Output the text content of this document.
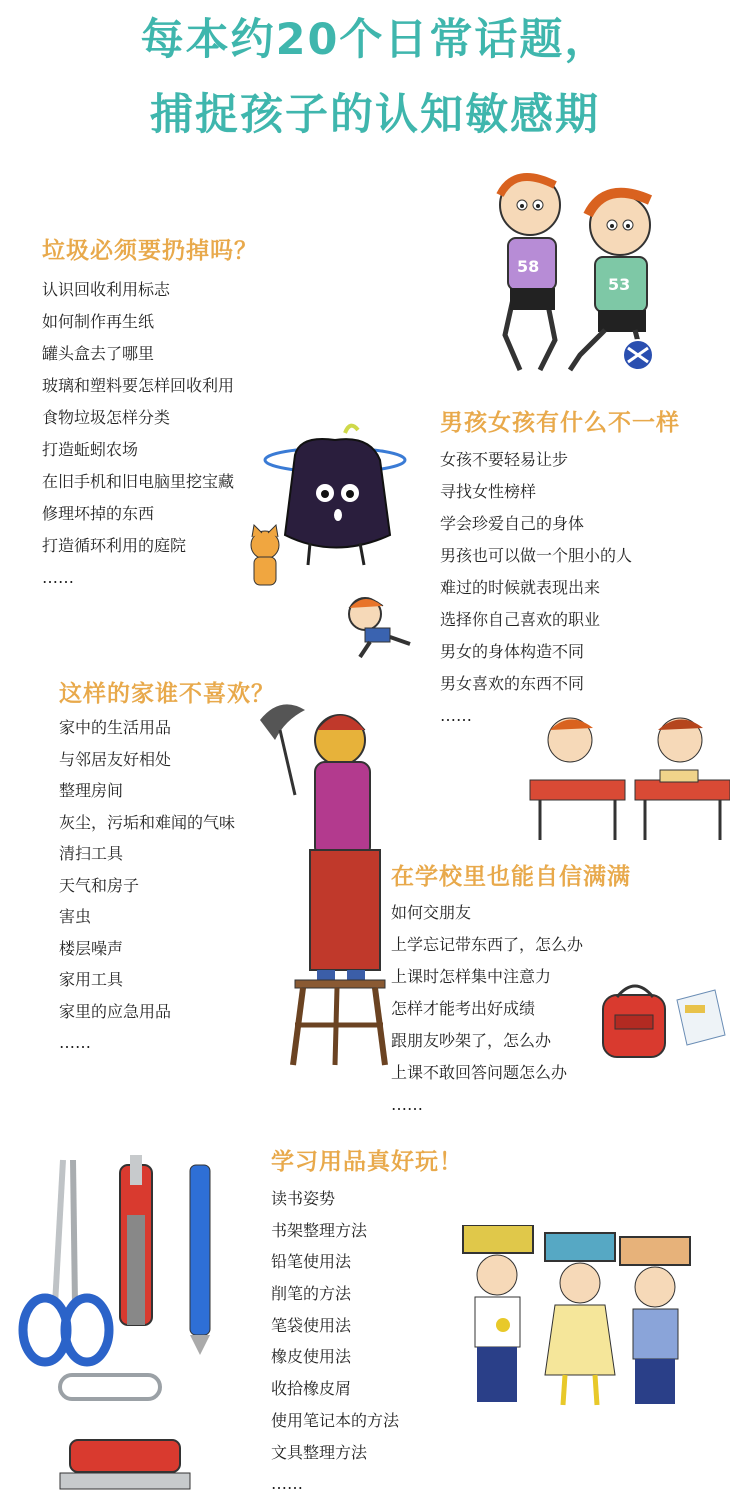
每本约20个日常话题，
捕捉孩子的认知敏感期
垃圾必须要扔掉吗？
认识回收利用标志
如何制作再生纸
罐头盒去了哪里
玻璃和塑料要怎样回收利用
食物垃圾怎样分类
打造蚯蚓农场
在旧手机和旧电脑里挖宝藏
修理坏掉的东西
打造循环利用的庭院
……
男孩女孩有什么不一样
女孩不要轻易让步
寻找女性榜样
学会珍爱自己的身体
男孩也可以做一个胆小的人
难过的时候就表现出来
选择你自己喜欢的职业
男女的身体构造不同
男女喜欢的东西不同
……
这样的家谁不喜欢？
家中的生活用品
与邻居友好相处
整理房间
灰尘，污垢和难闻的气味
清扫工具
天气和房子
害虫
楼层噪声
家用工具
家里的应急用品
……
在学校里也能自信满满
如何交朋友
上学忘记带东西了，怎么办
上课时怎样集中注意力
怎样才能考出好成绩
跟朋友吵架了，怎么办
上课不敢回答问题怎么办
……
学习用品真好玩！
读书姿势
书架整理方法
铅笔使用法
削笔的方法
笔袋使用法
橡皮使用法
收拾橡皮屑
使用笔记本的方法
文具整理方法
……
58
53
